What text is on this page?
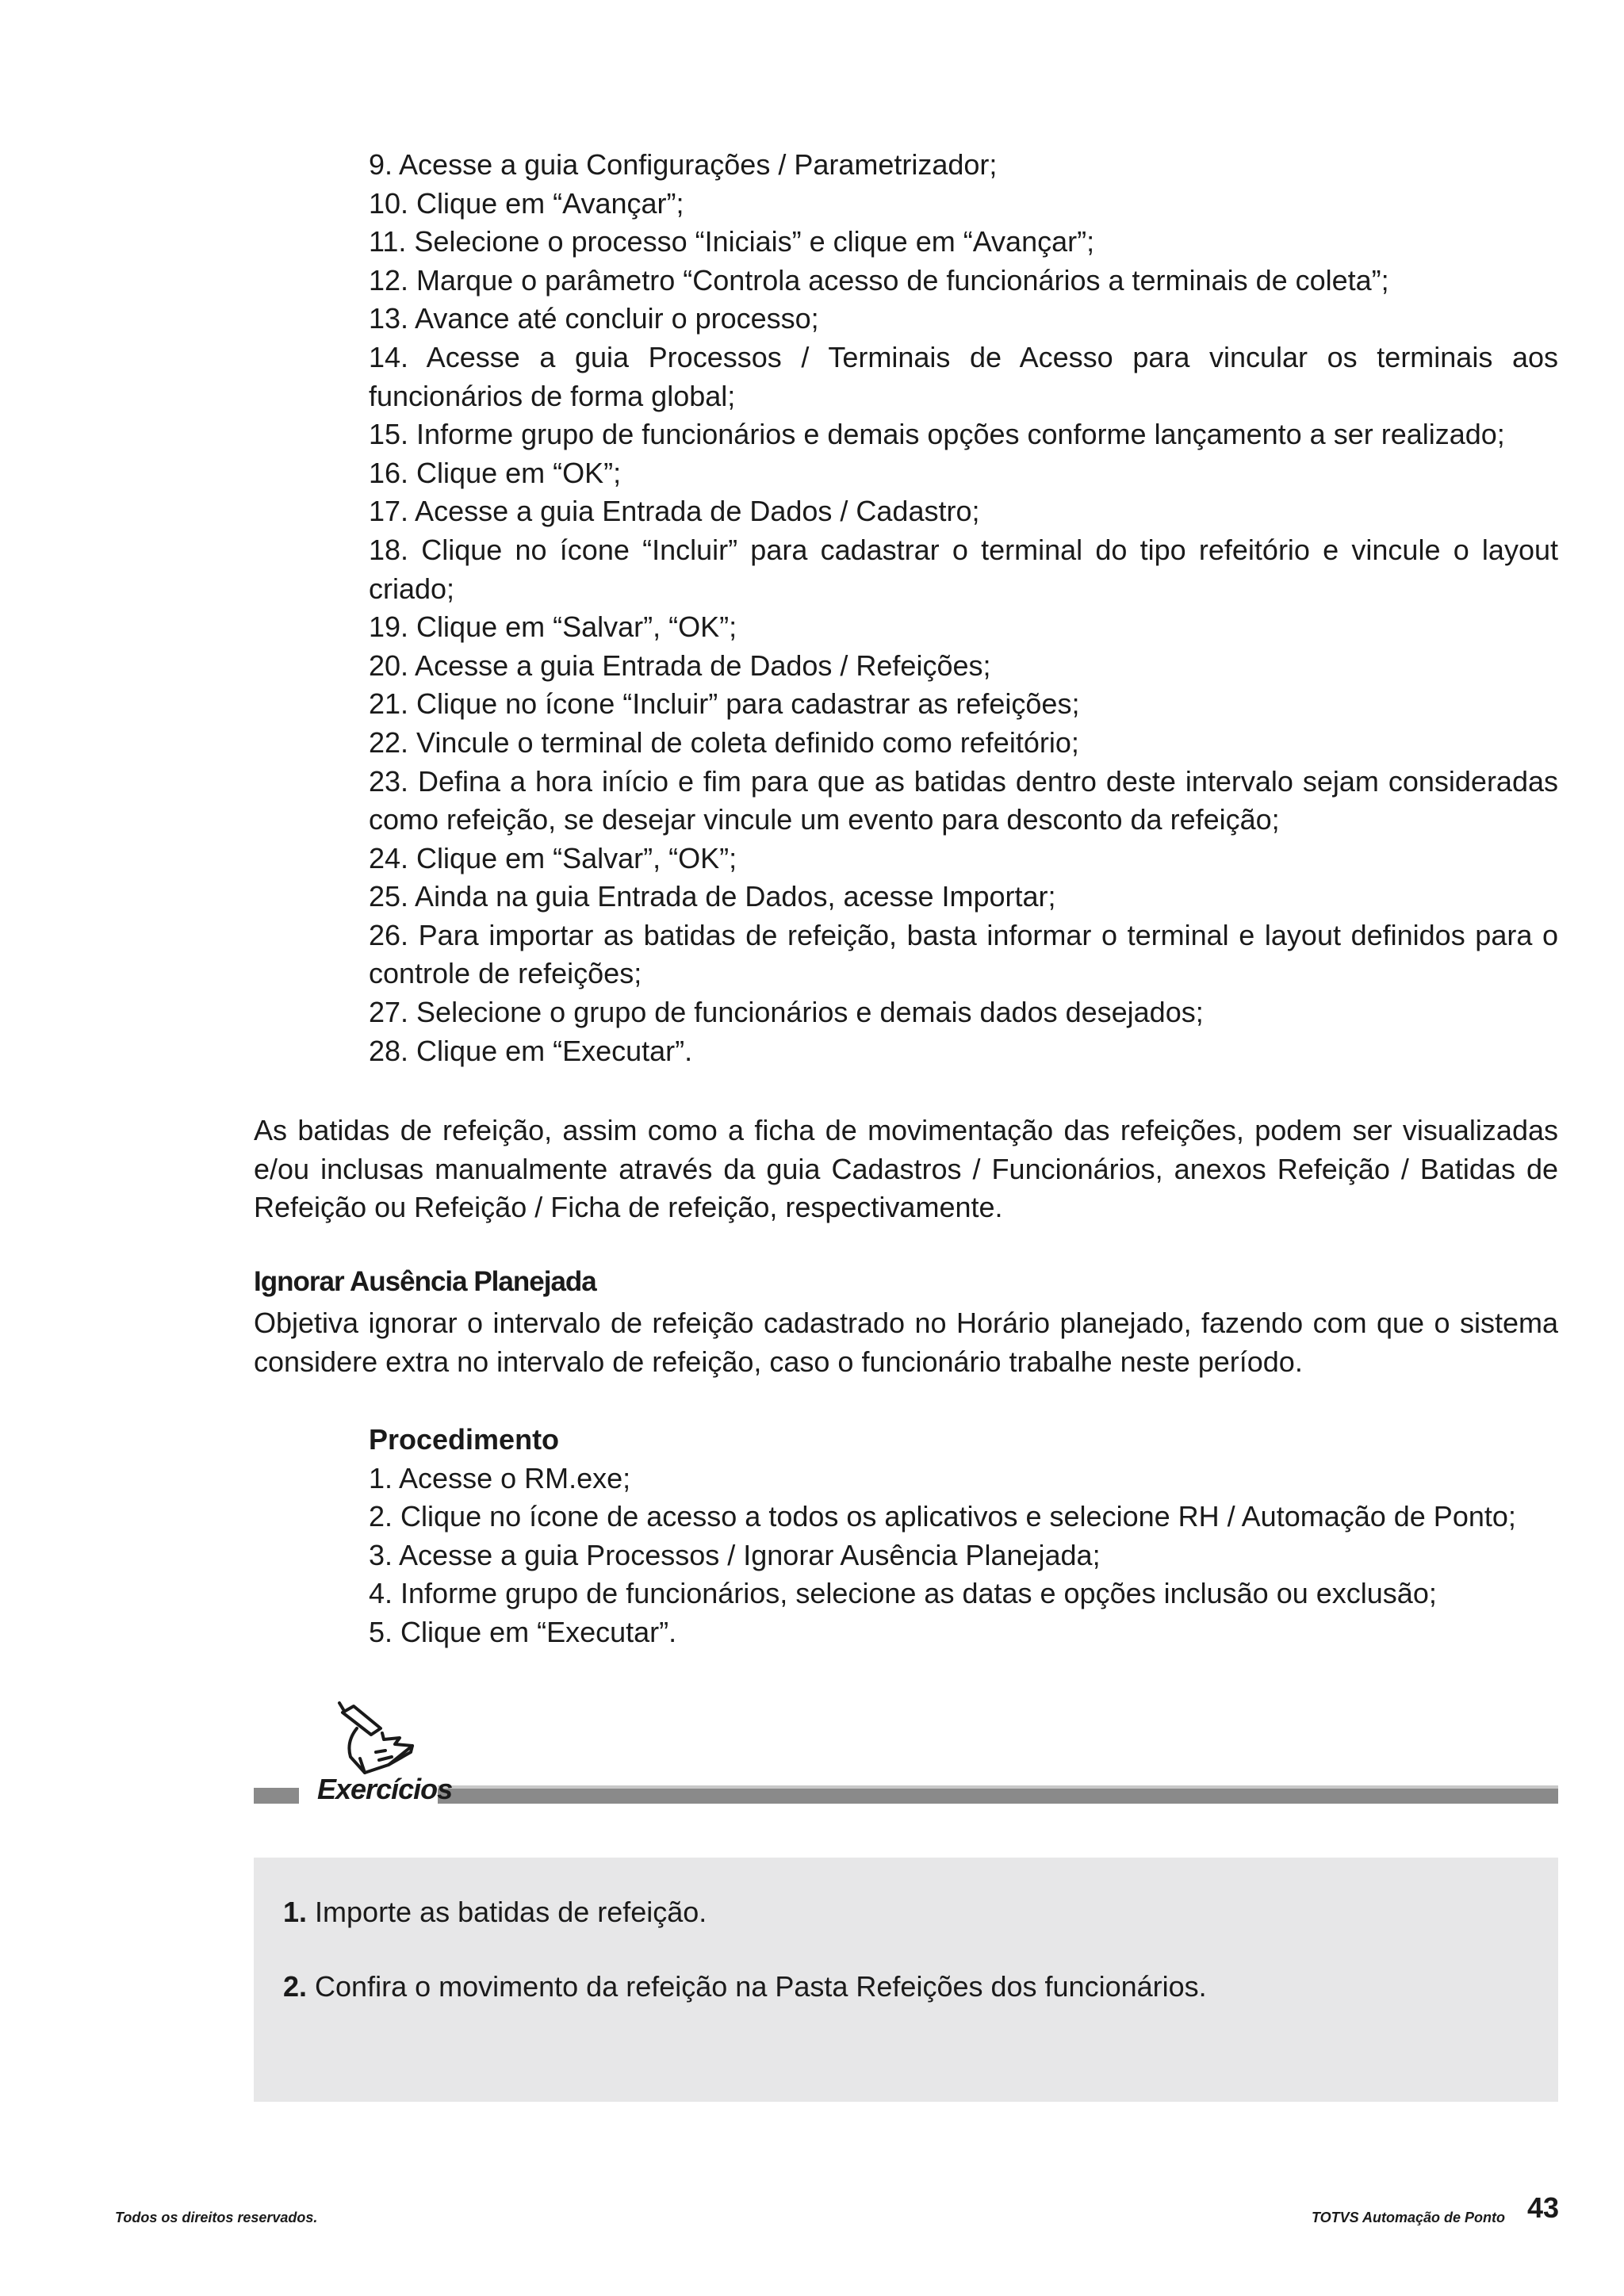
9. Acesse a guia Configurações / Parametrizador;

10. Clique em “Avançar”;

11. Selecione o processo “Iniciais” e clique em “Avançar”;

12. Marque o parâmetro “Controla acesso de funcionários a terminais de coleta”;

13. Avance até concluir o processo;

14. Acesse a guia Processos / Terminais de Acesso para vincular os terminais aos funcionários de forma global;

15. Informe grupo de funcionários e demais opções conforme lançamento a ser realizado;

16. Clique em “OK”;

17. Acesse a guia Entrada de Dados / Cadastro;

18. Clique no ícone “Incluir” para cadastrar o terminal do tipo refeitório e vincule o layout criado;

19. Clique em “Salvar”, “OK”;

20. Acesse a guia Entrada de Dados / Refeições;

21. Clique no ícone “Incluir” para cadastrar as refeições;

22. Vincule o terminal de coleta definido como refeitório;

23. Defina a hora início e fim para que as batidas dentro deste intervalo sejam consideradas como refeição, se desejar vincule um evento para desconto da refeição;

24. Clique em “Salvar”, “OK”;

25. Ainda na guia Entrada de Dados, acesse Importar;

26. Para importar as batidas de refeição, basta informar o terminal e layout definidos para o controle de refeições;

27. Selecione o grupo de funcionários e demais dados desejados;

28. Clique em “Executar”.

As batidas de refeição, assim como a ficha de movimentação das refeições, podem ser visualizadas e/ou inclusas manualmente através da guia Cadastros / Funcionários, anexos Refeição / Batidas de Refeição ou Refeição / Ficha de refeição, respectivamente.

Ignorar Ausência Planejada

Objetiva ignorar o intervalo de refeição cadastrado no Horário planejado, fazendo com que o sistema considere extra no intervalo de refeição, caso o funcionário trabalhe neste período.

Procedimento

1. Acesse o RM.exe;

2. Clique no ícone de acesso a todos os aplicativos e selecione RH / Automação de Ponto;

3. Acesse a guia Processos / Ignorar Ausência Planejada;

4. Informe grupo de funcionários, selecione as datas e opções inclusão ou exclusão;

5. Clique em “Executar”.

Exercícios

1. Importe as batidas de refeição.

2. Confira o movimento da refeição na Pasta Refeições dos funcionários.

Todos os direitos reservados.	TOTVS Automação de Ponto 43
